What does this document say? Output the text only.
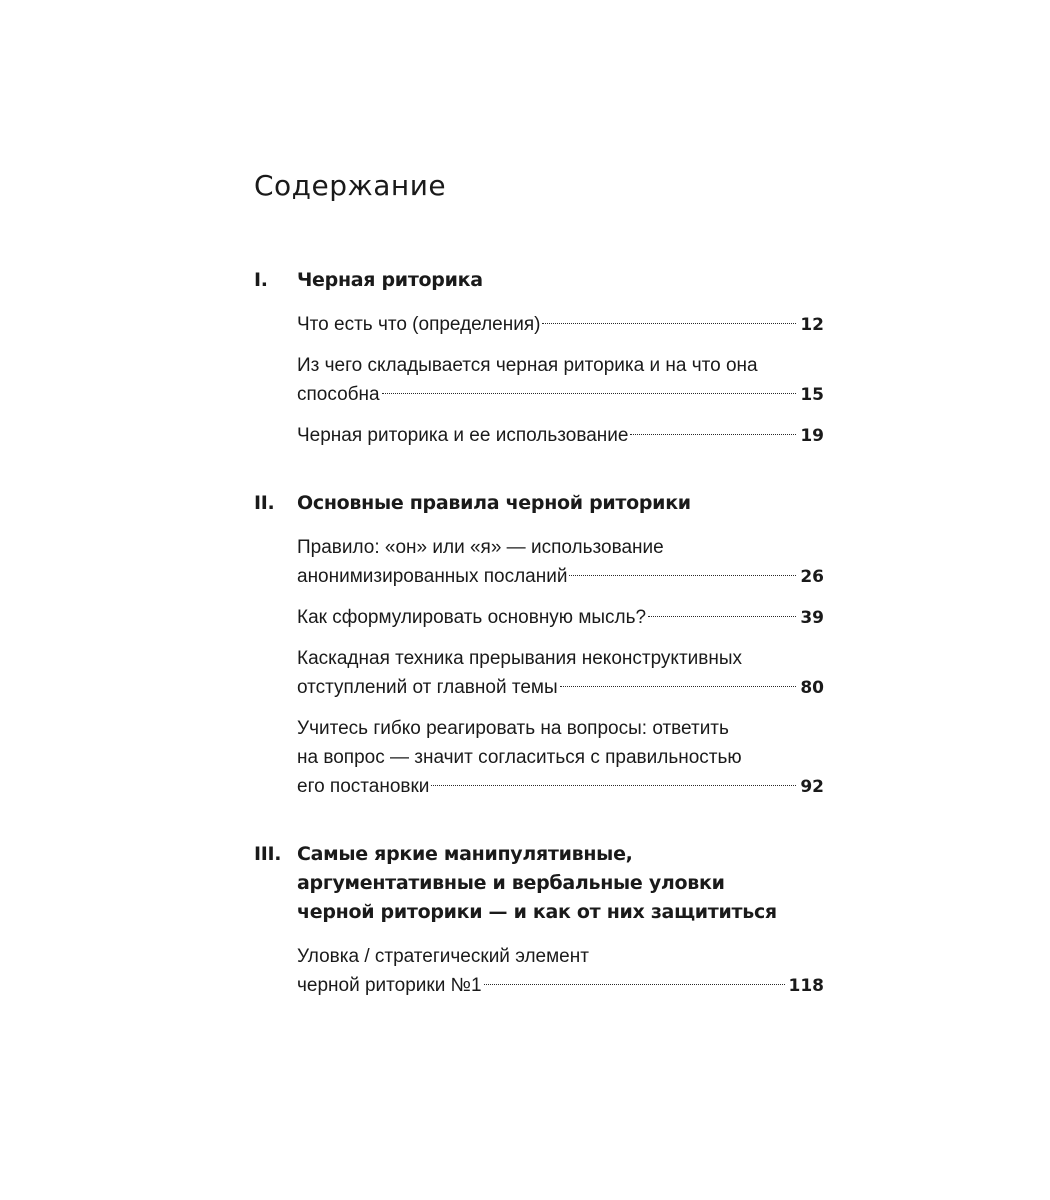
Содержание
I. Черная риторика
Что есть что (определения)	12
Из чего складывается черная риторика и на что она
способна	15
Черная риторика и ее использование	19
II. Основные правила черной риторики
Правило: «он» или «я» — использование
анонимизированных посланий	26
Как сформулировать основную мысль?	39
Каскадная техника прерывания неконструктивных
отступлений от главной темы	80
Учитесь гибко реагировать на вопросы: ответить
на вопрос — значит согласиться с правильностью
его постановки	92
III. Самые яркие манипулятивные,
аргументативные и вербальные уловки
черной риторики — и как от них защититься
Уловка / стратегический элемент
черной риторики №1	118
